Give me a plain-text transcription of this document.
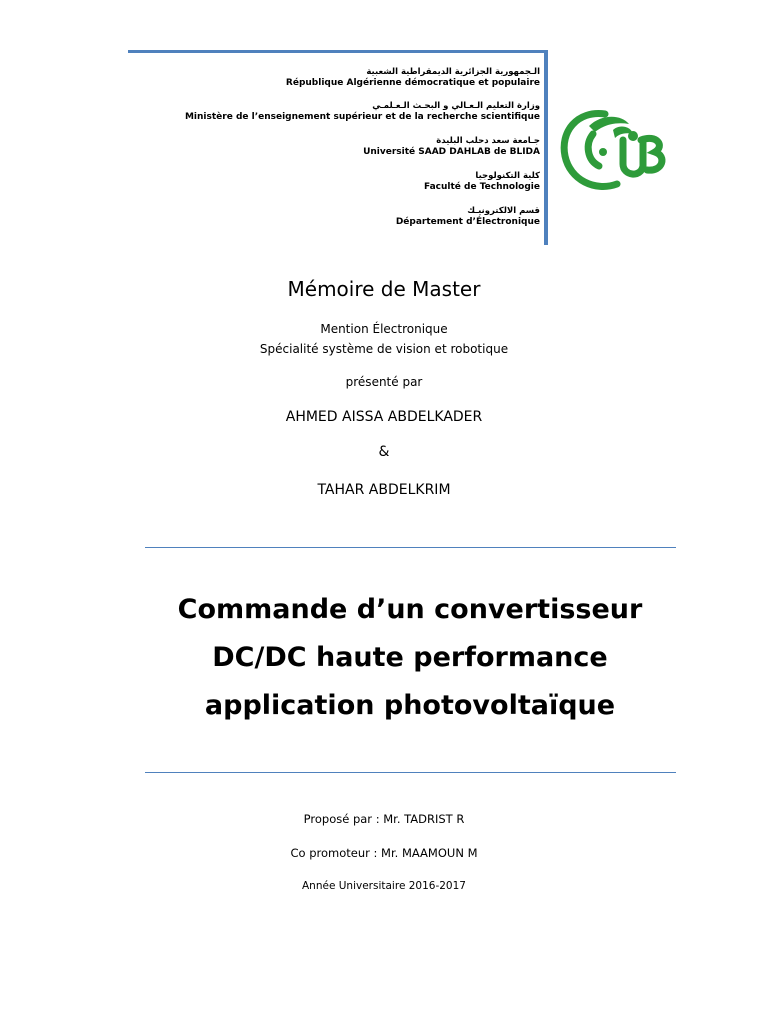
الـجمهورية الجزائرية الديمقراطية الشعبية
République Algérienne démocratique et populaire
وزارة التعليم الـعـالي و البحـث الـعـلمـي
Ministère de l’enseignement supérieur et de la recherche scientifique
جـامعة سعد دحلب البليدة
Université SAAD DAHLAB de BLIDA
كلية التكنولوجيا
Faculté de Technologie
قسم الالكترونيـك
Département d’Électronique
Mémoire de Master
Mention Électronique
Spécialité système de vision et robotique
présenté par
AHMED AISSA ABDELKADER
&
TAHAR ABDELKRIM
Commande d’un convertisseur
DC/DC haute performance
application photovoltaïque
Proposé par : Mr. TADRIST R
Co promoteur : Mr. MAAMOUN M
Année Universitaire 2016-2017
